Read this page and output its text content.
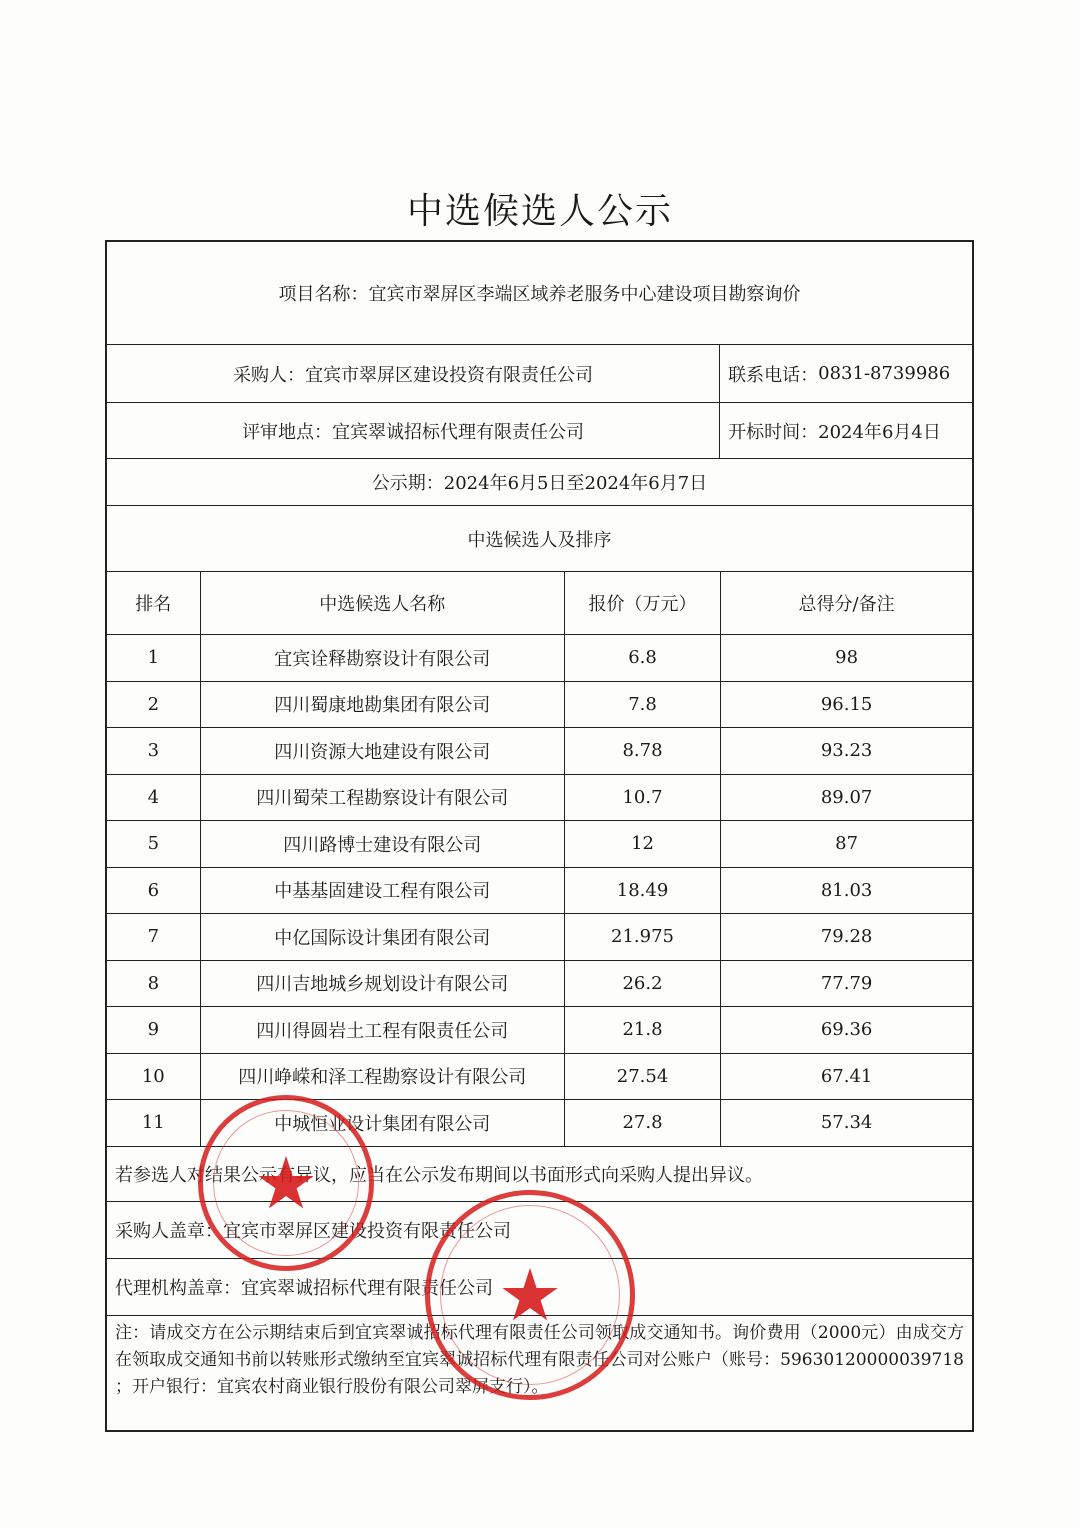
中选候选人公示
项目名称： 宜宾市翠屏区李端区域养老服务中心建设项目勘察询价
采购人： 宜宾市翠屏区建设投资有限责任公司	联系电话： 0831-8739986
评审地点： 宜宾翠诚招标代理有限责任公司	开标时间： 2024年6月4日
公示期： 2024年6月5日至2024年6月7日
中选候选人及排序
排名	中选候选人名称	报价（万元）	总得分/备注
1	宜宾诠释勘察设计有限公司	6.8	98
2	四川蜀康地勘集团有限公司	7.8	96.15
3	四川资源大地建设有限公司	8.78	93.23
4	四川蜀荣工程勘察设计有限公司	10.7	89.07
5	四川路博士建设有限公司	12	87
6	中基基固建设工程有限公司	18.49	81.03
7	中亿国际设计集团有限公司	21.975	79.28
8	四川吉地城乡规划设计有限公司	26.2	77.79
9	四川得圆岩土工程有限责任公司	21.8	69.36
10	四川峥嵘和泽工程勘察设计有限公司	27.54	67.41
11	中城恒业设计集团有限公司	27.8	57.34
若参选人对结果公示有异议，应当在公示发布期间以书面形式向采购人提出异议。
采购人盖章： 宜宾市翠屏区建设投资有限责任公司
代理机构盖章： 宜宾翠诚招标代理有限责任公司
注：请成交方在公示期结束后到宜宾翠诚招标代理有限责任公司领取成交通知书。询价费用（2000元）由成交方在领取成交通知书前以转账形式缴纳至宜宾翠诚招标代理有限责任公司对公账户（账号：59630120000039718 ；开户银行：宜宾农村商业银行股份有限公司翠屏支行）。
★
★
